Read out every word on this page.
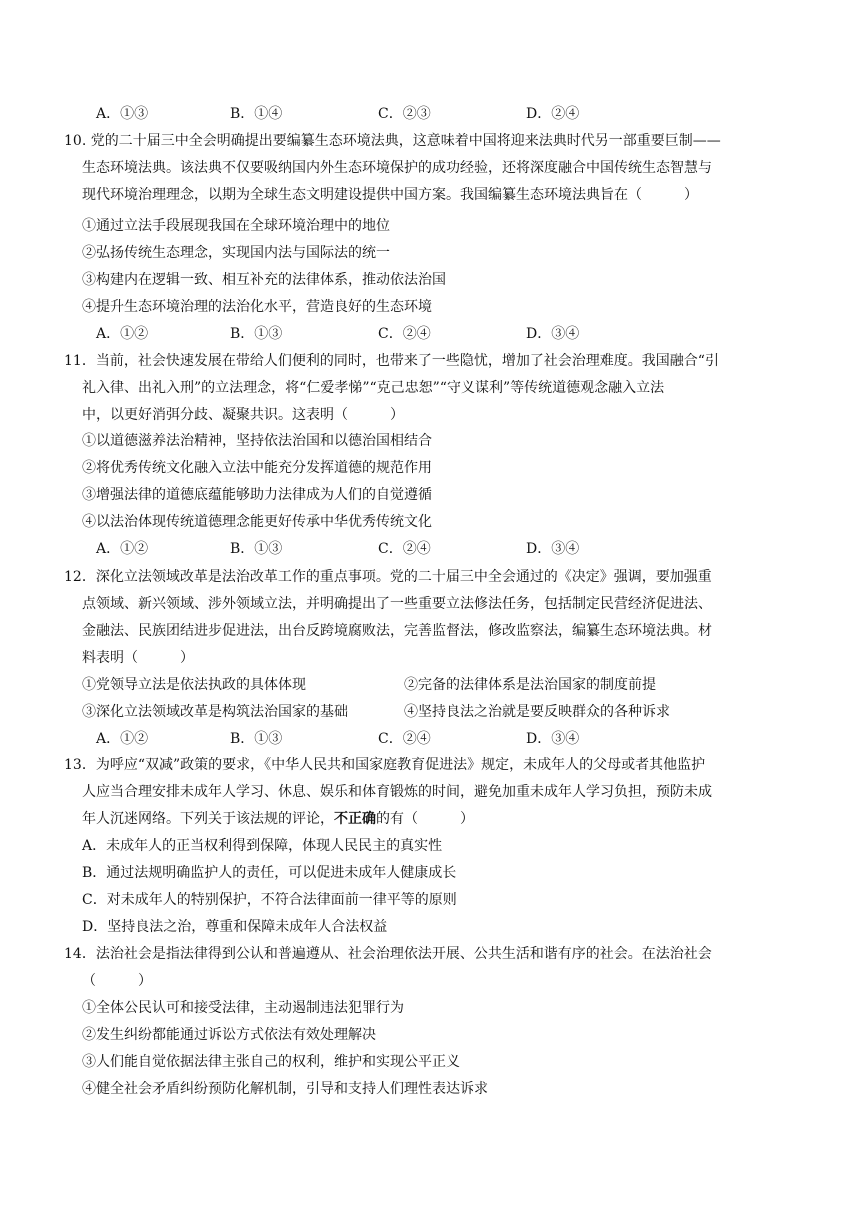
A．①③	B．①④	C．②③	D．②④
10. 党的二十届三中全会明确提出要编纂生态环境法典，这意味着中国将迎来法典时代另一部重要巨制——
生态环境法典。该法典不仅要吸纳国内外生态环境保护的成功经验，还将深度融合中国传统生态智慧与
现代环境治理理念，以期为全球生态文明建设提供中国方案。我国编纂生态环境法典旨在（　　　）
①通过立法手段展现我国在全球环境治理中的地位
②弘扬传统生态理念，实现国内法与国际法的统一
③构建内在逻辑一致、相互补充的法律体系，推动依法治国
④提升生态环境治理的法治化水平，营造良好的生态环境
A．①②	B．①③	C．②④	D．③④
11．当前，社会快速发展在带给人们便利的同时，也带来了一些隐忧，增加了社会治理难度。我国融合“引
礼入律、出礼入刑”的立法理念，将“仁爱孝悌”“克己忠恕”“守义谋利”等传统道德观念融入立法
中，以更好消弭分歧、凝聚共识。这表明（　　　）
①以道德滋养法治精神，坚持依法治国和以德治国相结合
②将优秀传统文化融入立法中能充分发挥道德的规范作用
③增强法律的道德底蕴能够助力法律成为人们的自觉遵循
④以法治体现传统道德理念能更好传承中华优秀传统文化
A．①②	B．①③	C．②④	D．③④
12．深化立法领域改革是法治改革工作的重点事项。党的二十届三中全会通过的《决定》强调，要加强重
点领域、新兴领域、涉外领域立法，并明确提出了一些重要立法修法任务，包括制定民营经济促进法、
金融法、民族团结进步促进法，出台反跨境腐败法，完善监督法，修改监察法，编纂生态环境法典。材
料表明（　　　）
①党领导立法是依法执政的具体体现	②完备的法律体系是法治国家的制度前提
③深化立法领域改革是构筑法治国家的基础	④坚持良法之治就是要反映群众的各种诉求
A．①②	B．①③	C．②④	D．③④
13．为呼应“双减”政策的要求，《中华人民共和国家庭教育促进法》规定，未成年人的父母或者其他监护
人应当合理安排未成年人学习、休息、娱乐和体育锻炼的时间，避免加重未成年人学习负担，预防未成
年人沉迷网络。下列关于该法规的评论，不正确的有（　　　）
A．未成年人的正当权利得到保障，体现人民民主的真实性
B．通过法规明确监护人的责任，可以促进未成年人健康成长
C．对未成年人的特别保护，不符合法律面前一律平等的原则
D．坚持良法之治，尊重和保障未成年人合法权益
14．法治社会是指法律得到公认和普遍遵从、社会治理依法开展、公共生活和谐有序的社会。在法治社会
（　　　）
①全体公民认可和接受法律，主动遏制违法犯罪行为
②发生纠纷都能通过诉讼方式依法有效处理解决
③人们能自觉依据法律主张自己的权利，维护和实现公平正义
④健全社会矛盾纠纷预防化解机制，引导和支持人们理性表达诉求
